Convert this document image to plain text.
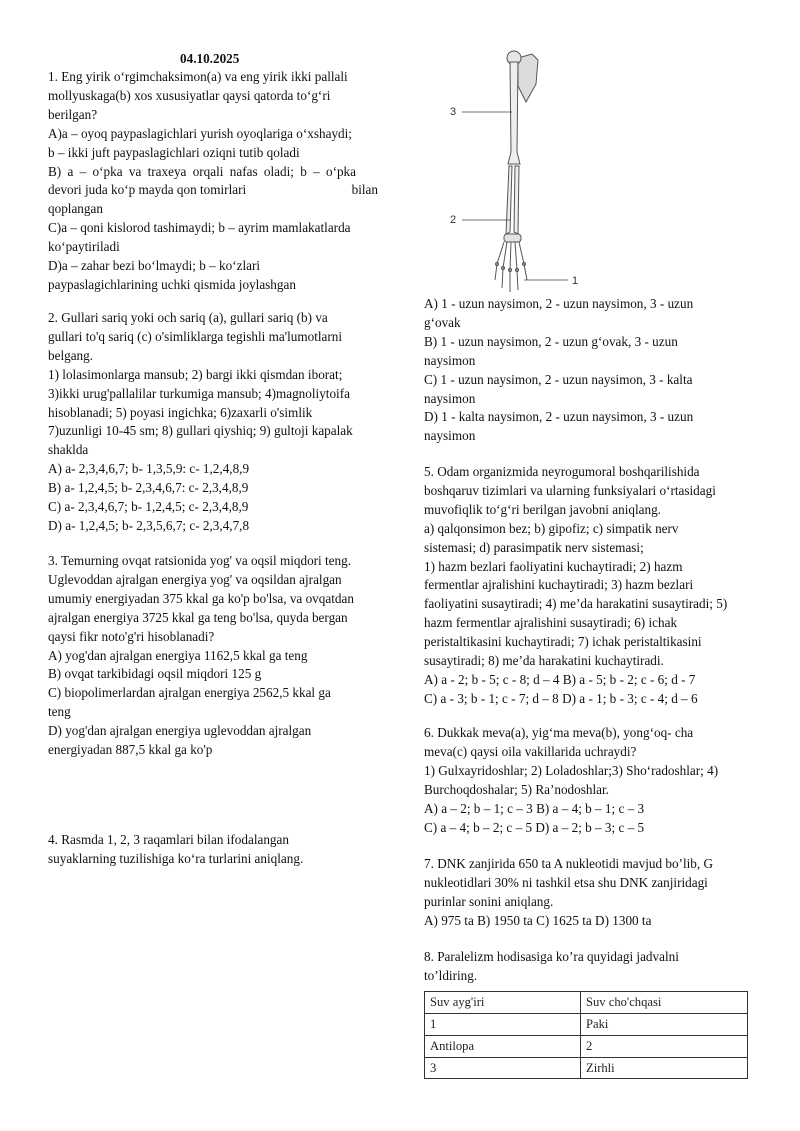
04.10.2025
1. Eng yirik o‘rgimchaksimon(a) va eng yirik ikki pallali
mollyuskaga(b) xos xususiyatlar qaysi qatorda to‘g‘ri
berilgan?
A)a – oyoq paypaslagichlari yurish oyoqlariga o‘xshaydi;
b – ikki juft paypaslagichlari oziqni tutib qoladi
B) a – o‘pka va traxeya orqali nafas oladi; b – o‘pka
devori juda ko‘p mayda qon tomirlari	bilan
qoplangan
C)a – qoni kislorod tashimaydi; b – ayrim mamlakatlarda
ko‘paytiriladi
D)a – zahar bezi bo‘lmaydi; b – ko‘zlari
paypaslagichlarining uchki qismida joylashgan
2. Gullari sariq yoki och sariq (a), gullari sariq (b) va
gullari to'q sariq (c) o'simliklarga tegishli ma'lumotlarni
belgang.
1) lolasimonlarga mansub; 2) bargi ikki qismdan iborat;
3)ikki urug'pallalilar turkumiga mansub; 4)magnoliytoifa
hisoblanadi; 5) poyasi ingichka; 6)zaxarli o'simlik
7)uzunligi 10-45 sm; 8) gullari qiyshiq; 9) gultoji kapalak
shaklda
A) a- 2,3,4,6,7; b- 1,3,5,9: c- 1,2,4,8,9
B) a- 1,2,4,5; b- 2,3,4,6,7: c- 2,3,4,8,9
C) a- 2,3,4,6,7; b- 1,2,4,5; c- 2,3,4,8,9
D) a- 1,2,4,5; b- 2,3,5,6,7; c- 2,3,4,7,8
3. Temurning ovqat ratsionida yog' va oqsil miqdori teng.
Uglevoddan ajralgan energiya yog' va oqsildan ajralgan
umumiy energiyadan 375 kkal ga ko'p bo'lsa, va ovqatdan
ajralgan energiya 3725 kkal ga teng bo'lsa, quyda bergan
qaysi fikr noto'g'ri hisoblanadi?
A) yog'dan ajralgan energiya 1162,5 kkal ga teng
B) ovqat tarkibidagi oqsil miqdori 125 g
C) biopolimerlardan ajralgan energiya 2562,5 kkal ga
teng
D) yog'dan ajralgan energiya uglevoddan ajralgan
energiyadan 887,5 kkal ga ko'p
4. Rasmda 1, 2, 3 raqamlari bilan ifodalangan
suyaklarning tuzilishiga ko‘ra turlarini aniqlang.
3
2
1
A) 1 - uzun naysimon, 2 - uzun naysimon, 3 - uzun
g‘ovak
B) 1 - uzun naysimon, 2 - uzun g‘ovak, 3 - uzun
naysimon
C) 1 - uzun naysimon, 2 - uzun naysimon, 3 - kalta
naysimon
D) 1 - kalta naysimon, 2 - uzun naysimon, 3 - uzun
naysimon
5. Odam organizmida neyrogumoral boshqarilishida
boshqaruv tizimlari va ularning funksiyalari o‘rtasidagi
muvofiqlik to‘g‘ri berilgan javobni aniqlang.
a) qalqonsimon bez; b) gipofiz; c) simpatik nerv
sistemasi; d) parasimpatik nerv sistemasi;
1) hazm bezlari faoliyatini kuchaytiradi; 2) hazm
fermentlar ajralishini kuchaytiradi; 3) hazm bezlari
faoliyatini susaytiradi; 4) me’da harakatini susaytiradi; 5)
hazm fermentlar ajralishini susaytiradi; 6) ichak
peristaltikasini kuchaytiradi; 7) ichak peristaltikasini
susaytiradi; 8) me’da harakatini kuchaytiradi.
A) a - 2; b - 5; c - 8; d – 4 B) a - 5; b - 2; c - 6; d - 7
C) a - 3; b - 1; c - 7; d – 8 D) a - 1; b - 3; c - 4; d – 6
6. Dukkak meva(a), yig‘ma meva(b), yong‘oq- cha
meva(c) qaysi oila vakillarida uchraydi?
1) Gulxayridoshlar; 2) Loladoshlar;3) Sho‘radoshlar; 4)
Burchoqdoshalar; 5) Ra’nodoshlar.
A) a – 2; b – 1; c – 3 B) a – 4; b – 1; c – 3
C) a – 4; b – 2; c – 5 D) a – 2; b – 3; c – 5
7. DNK zanjirida 650 ta A nukleotidi mavjud bo’lib, G
nukleotidlari 30% ni tashkil etsa shu DNK zanjiridagi
purinlar sonini aniqlang.
A) 975 ta B) 1950 ta C) 1625 ta D) 1300 ta
8. Paralelizm hodisasiga ko’ra quyidagi jadvalni
to’ldiring.
Suv ayg'iri	Suv cho'chqasi
1	Paki
Antilopa	2
3	Zirhli
